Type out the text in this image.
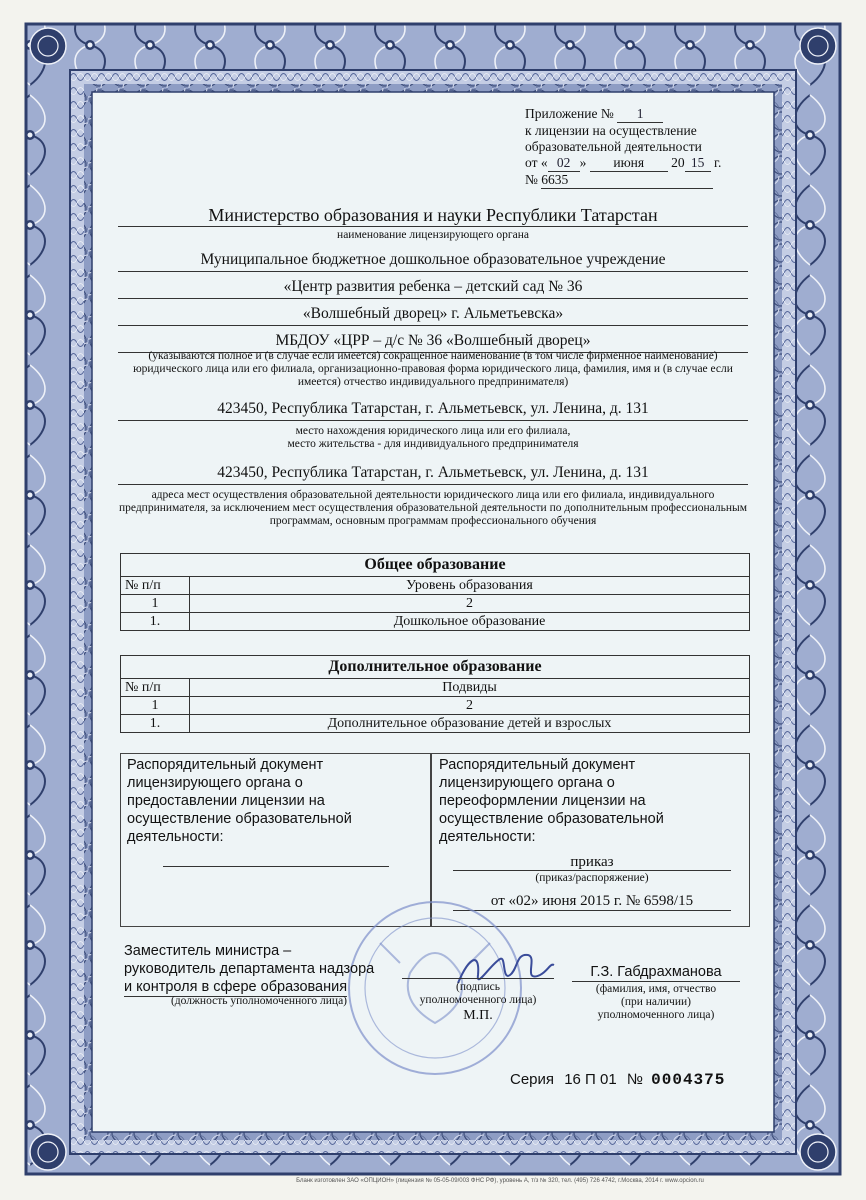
Приложение № 1
к лицензии на осуществление
образовательной деятельности
от « 02 » июня 20 15 г.
№ 6635
Министерство образования и науки Республики Татарстан
наименование лицензирующего органа
Муниципальное бюджетное дошкольное образовательное учреждение
«Центр развития ребенка – детский сад № 36
«Волшебный дворец» г. Альметьевска»
МБДОУ «ЦРР – д/с № 36 «Волшебный дворец»
(указываются полное и (в случае если имеется) сокращенное наименование (в том числе фирменное наименование) юридического лица или его филиала, организационно-правовая форма юридического лица, фамилия, имя и (в случае если имеется) отчество индивидуального предпринимателя)
423450, Республика Татарстан, г. Альметьевск, ул. Ленина, д. 131
место нахождения юридического лица или его филиала,
место жительства - для индивидуального предпринимателя
423450, Республика Татарстан, г. Альметьевск, ул. Ленина, д. 131
адреса мест осуществления образовательной деятельности юридического лица или его филиала, индивидуального предпринимателя, за исключением мест осуществления образовательной деятельности по дополнительным профессиональным программам, основным программам профессионального обучения
Общее образование	
№ п/п	Уровень образования
1	2
1.	Дошкольное образование
Дополнительное образование	
№ п/п	Подвиды
1	2
1.	Дополнительное образование детей и взрослых
Распорядительный документ лицензирующего органа о предоставлении лицензии на осуществление образовательной деятельности:
Распорядительный документ лицензирующего органа о переоформлении лицензии на осуществление образовательной деятельности:
приказ
(приказ/распоряжение)
от «02» июня 2015 г. № 6598/15
Заместитель министра –
руководитель департамента надзора
и контроля в сфере образования
(должность уполномоченного лица)
(подпись
уполномоченного лица)
М.П.
Г.З. Габдрахманова
(фамилия, имя, отчество
(при наличии)
уполномоченного лица)
Серия 16 П 01 № 0004375
Бланк изготовлен ЗАО «ОПЦИОН» (лицензия № 05-05-09/003 ФНС РФ), уровень А, т/з № 320, тел. (495) 726 4742, г.Москва, 2014 г. www.opcion.ru
